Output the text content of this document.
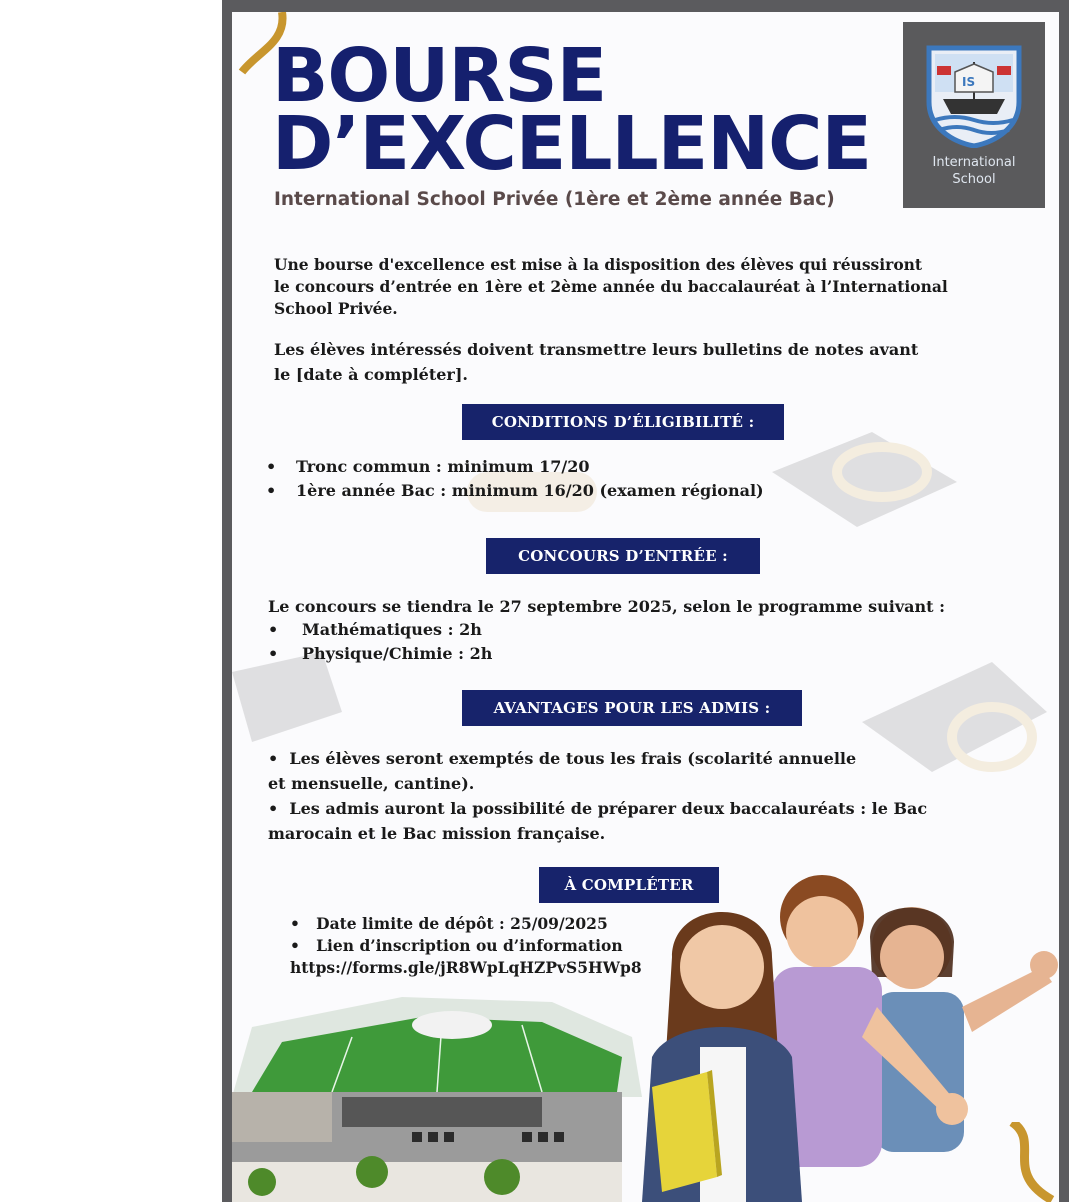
BOURSE
D’EXCELLENCE

International School Privée (1ère et 2ème année Bac)

IS
International
School

Une bourse d'excellence est mise à la disposition des élèves qui réussiront
le concours d’entrée en 1ère et 2ème année du baccalauréat à l’International
School Privée.

Les élèves intéressés doivent transmettre leurs bulletins de notes avant
le [date à compléter].

CONDITIONS D’ÉLIGIBILITÉ :
• Tronc commun : minimum 17/20
• 1ère année Bac : minimum 16/20 (examen régional)
CONCOURS D’ENTRÉE :

Le concours se tiendra le 27 septembre 2025, selon le programme suivant :

• Mathématiques : 2h
• Physique/Chimie : 2h
AVANTAGES POUR LES ADMIS :

• Les élèves seront exemptés de tous les frais (scolarité annuelle
et mensuelle, cantine).
• Les admis auront la possibilité de préparer deux baccalauréats : le Bac
marocain et le Bac mission française.

À COMPLÉTER
• Date limite de dépôt : 25/09/2025
• Lien d’inscription ou d’information
https://forms.gle/jR8WpLqHZPvS5HWp8
